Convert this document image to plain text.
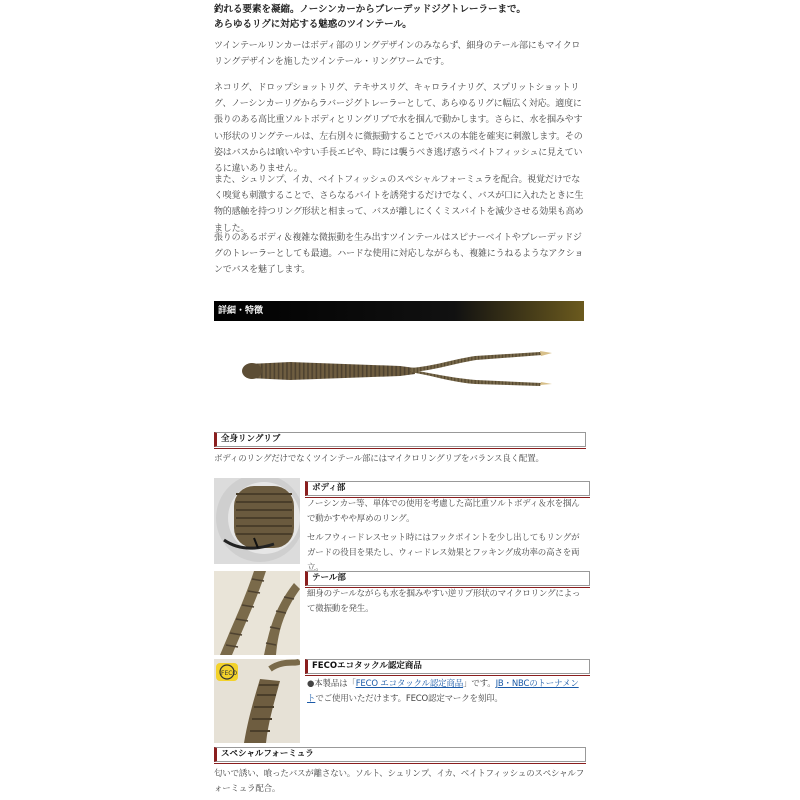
釣れる要素を凝縮。ノーシンカーからブレーデッドジグトレーラーまで。
あらゆるリグに対応する魅惑のツインテール。

ツインテールリンカーはボディ部のリングデザインのみならず、細身のテール部にもマイクロリングデザインを施したツインテール・リングワームです。

ネコリグ、ドロップショットリグ、テキサスリグ、キャロライナリグ、スプリットショットリグ、ノーシンカーリグからラバージグトレーラーとして、あらゆるリグに幅広く対応。適度に張りのある高比重ソルトボディとリングリブで水を掴んで動かします。さらに、水を掴みやすい形状のリングテールは、左右別々に微振動することでバスの本能を確実に刺激します。その姿はバスからは喰いやすい手長エビや、時には襲うべき逃げ惑うベイトフィッシュに見えているに違いありません。

また、シュリンプ、イカ、ベイトフィッシュのスペシャルフォーミュラを配合。視覚だけでなく嗅覚も刺激することで、さらなるバイトを誘発するだけでなく、バスが口に入れたときに生物的感触を持つリング形状と相まって、バスが離しにくくミスバイトを減少させる効果も高めました。

張りのあるボディ＆複雑な微振動を生み出すツインテールはスピナーベイトやブレーデッドジグのトレーラーとしても最適。ハードな使用に対応しながらも、複雑にうねるようなアクションでバスを魅了します。

詳細・特徴
全身リングリブ

ボディのリングだけでなくツインテール部にはマイクロリングリブをバランス良く配置。

ボディ部

ノーシンカー等、単体での使用を考慮した高比重ソルトボディ＆水を掴んで動かすやや厚めのリング。

セルフウィードレスセット時にはフックポイントを少し出してもリングがガードの役目を果たし、ウィードレス効果とフッキング成功率の高さを両立。

テール部

細身のテールながらも水を掴みやすい逆リブ形状のマイクロリングによって微振動を発生。

FECO
FECOエコタックル認定商品

●本製品は「FECO エコタックル認定商品」です。JB・NBCのトーナメントでご使用いただけます。FECO認定マークを刻印。

スペシャルフォーミュラ

匂いで誘い、喰ったバスが離さない。ソルト、シュリンプ、イカ、ベイトフィッシュのスペシャルフォーミュラ配合。
